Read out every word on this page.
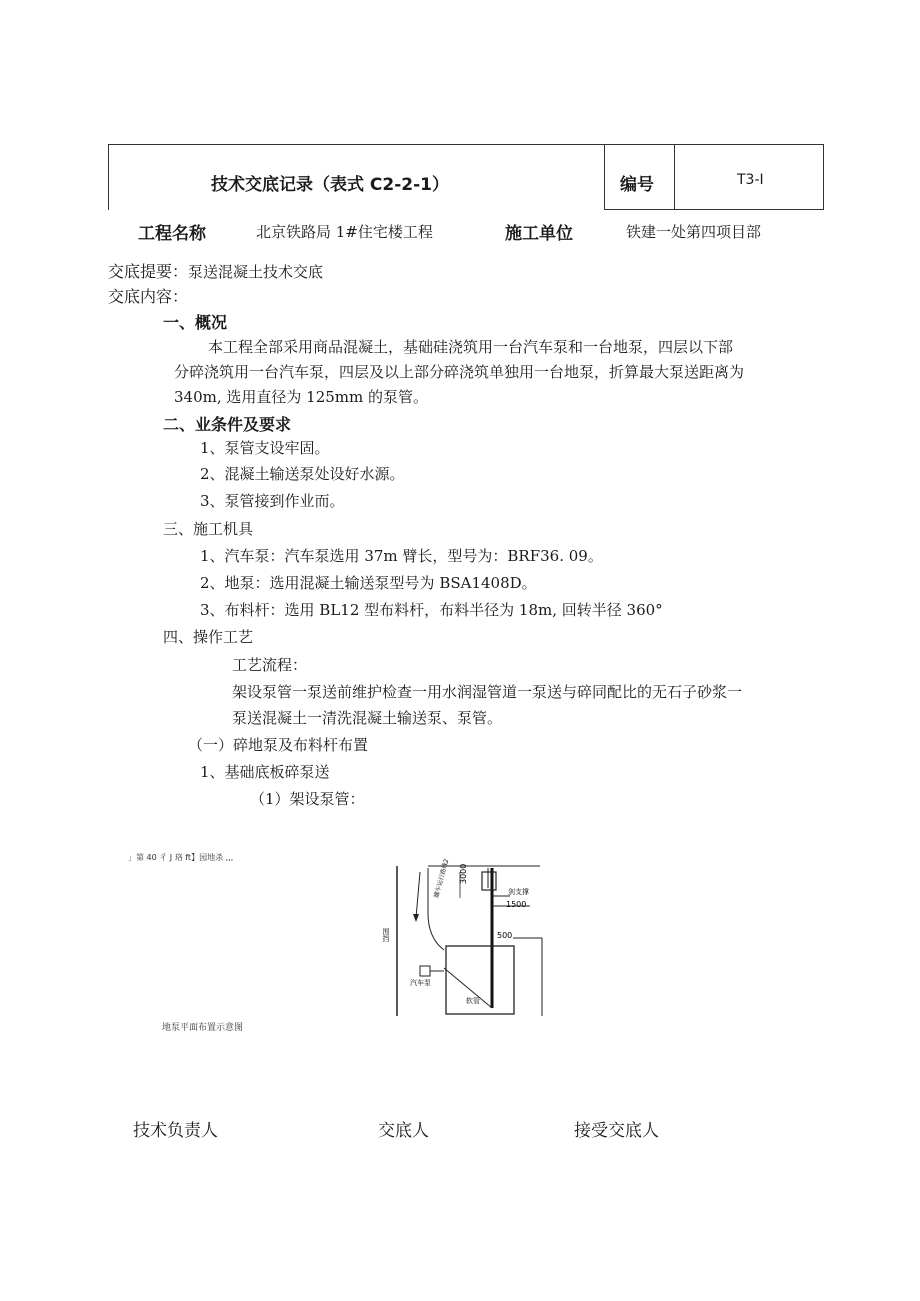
技术交底记录（表式 C2-2-1）	编号	T3-I
工程名称	北京铁路局 1#住宅楼工程	施工单位	铁建一处第四项目部
交底提要：泵送混凝土技术交底
交底内容：
一、概况
本工程全部采用商品混凝土，基础硅浇筑用一台汽车泵和一台地泵，四层以下部
分碎浇筑用一台汽车泵，四层及以上部分碎浇筑单独用一台地泵，折算最大泵送距离为
340m, 选用直径为 125mm 的泵管。
二、业条件及要求
1、泵管支设牢固。
2、混凝土输送泵处设好水源。
3、泵管接到作业而。
三、施工机具
1、汽车泵：汽车泵选用 37m 臂长，型号为：BRF36. 09。
2、地泵：选用混凝土输送泵型号为 BSA1408D。
3、布料杆：选用 BL12 型布料杆，布料半径为 18m, 回转半径 360°
四、操作工艺
工艺流程：
架设泵管一泵送前维护检查一用水润湿管道一泵送与碎同配比的无石子砂浆一
泵送混凝土一清洗混凝土输送泵、泵管。
（一）碎地泵及布料杆布置
1、基础底板碎泵送
（1）架设泵管：
」第 40 彳 J 珞 ft】园地杀 ,,,
3000
1500
500
剑支撑
罐车运行路线2
围挡
汽车泵
软管
地泵平面布置示意图
技术负责人	交底人	接受交底人
